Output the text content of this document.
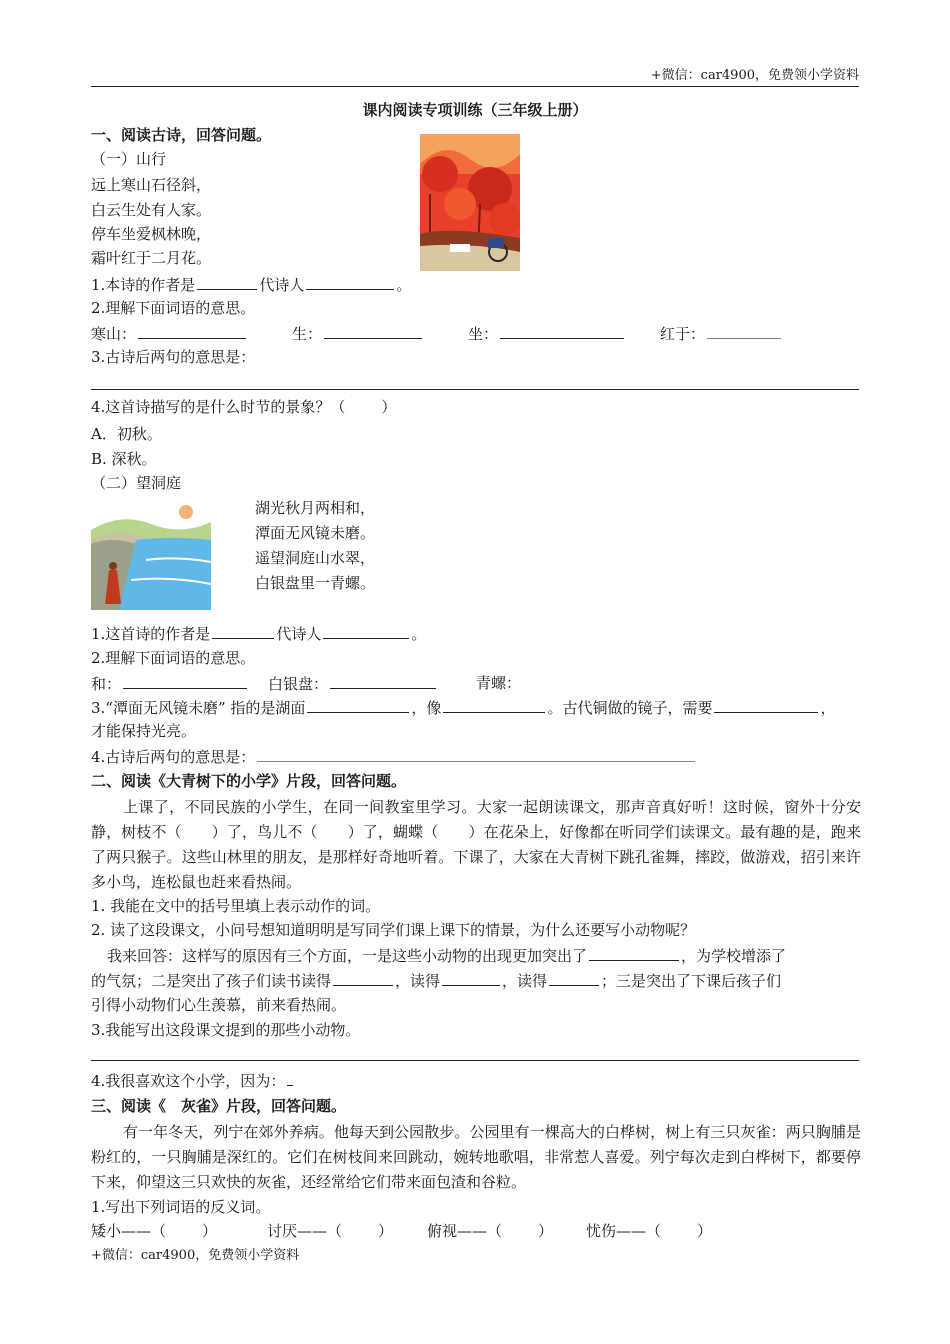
+微信：car4900，免费领小学资料
课内阅读专项训练（三年级上册）
一、阅读古诗，回答问题。
（一）山行
远上寒山石径斜，
白云生处有人家。
停车坐爱枫林晚，
霜叶红于二月花。
1.本诗的作者是	代诗人	。
2.理解下面词语的意思。
寒山：	生：	坐：	红于：
3.古诗后两句的意思是：
4.这首诗描写的是什么时节的景象？（ ）
A．初秋。
B. 深秋。
（二）望洞庭
湖光秋月两相和，
潭面无风镜未磨。
遥望洞庭山水翠，
白银盘里一青螺。
1.这首诗的作者是	代诗人	。
2.理解下面词语的意思。
和：	白银盘：	青螺：
3.“潭面无风镜未磨” 指的是湖面	，像	。古代铜做的镜子，需要	，
才能保持光亮。
4.古诗后两句的意思是：
二、阅读《大青树下的小学》片段，回答问题。
上课了，不同民族的小学生，在同一间教室里学习。大家一起朗读课文，那声音真好听！这时候，窗外十分安静，树枝不（　　）了，鸟儿不（　　）了，蝴蝶（　　）在花朵上，好像都在听同学们读课文。最有趣的是，跑来了两只猴子。这些山林里的朋友，是那样好奇地听着。下课了，大家在大青树下跳孔雀舞，摔跤，做游戏，招引来许多小鸟，连松鼠也赶来看热闹。
1. 我能在文中的括号里填上表示动作的词。
2. 读了这段课文，小问号想知道明明是写同学们课上课下的情景，为什么还要写小动物呢？
我来回答：这样写的原因有三个方面，一是这些小动物的出现更加突出了	，为学校增添了
的气氛；二是突出了孩子们读书读得	，读得	，读得	；三是突出了下课后孩子们
引得小动物们心生羡慕，前来看热闹。
3.我能写出这段课文提到的那些小动物。
4.我很喜欢这个小学，因为：
三、阅读《　灰雀》片段，回答问题。
有一年冬天，列宁在郊外养病。他每天到公园散步。公园里有一棵高大的白桦树，树上有三只灰雀：两只胸脯是粉红的，一只胸脯是深红的。它们在树枝间来回跳动，婉转地歌唱，非常惹人喜爱。列宁每次走到白桦树下，都要停下来，仰望这三只欢快的灰雀，还经常给它们带来面包渣和谷粒。
1.写出下列词语的反义词。
矮小——（ ）	讨厌——（ ） 俯视——（ ） 忧伤——（ ）
+微信：car4900，免费领小学资料
